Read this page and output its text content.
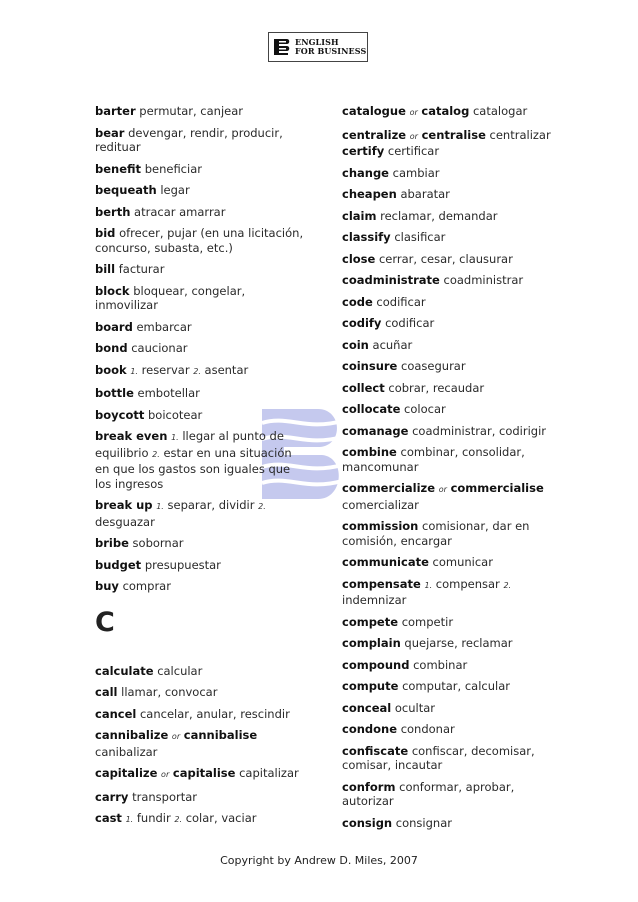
ENGLISH
FOR BUSINESS
barter permutar, canjear
bear devengar, rendir, producir, redituar
benefit beneficiar
bequeath legar
berth atracar amarrar
bid ofrecer, pujar (en una licitación, concurso, subasta, etc.)
bill facturar
block bloquear, congelar, inmovilizar
board embarcar
bond caucionar
book 1. reservar 2. asentar
bottle embotellar
boycott boicotear
break even 1. llegar al punto de equilibrio 2. estar en una situación en que los gastos son iguales que los ingresos
break up 1. separar, dividir 2. desguazar
bribe sobornar
budget presupuestar
buy comprar
C
calculate calcular
call llamar, convocar
cancel cancelar, anular, rescindir
cannibalize or cannibalise canibalizar
capitalize or capitalise capitalizar
carry transportar
cast 1. fundir 2. colar, vaciar
catalogue or catalog catalogar
centralize or centralise centralizar
certify certificar
change cambiar
cheapen abaratar
claim reclamar, demandar
classify clasificar
close cerrar, cesar, clausurar
coadministrate coadministrar
code codificar
codify codificar
coin acuñar
coinsure coasegurar
collect cobrar, recaudar
collocate colocar
comanage coadministrar, codirigir
combine combinar, consolidar, mancomunar
commercialize or commercialise comercializar
commission comisionar, dar en comisión, encargar
communicate comunicar
compensate 1. compensar 2. indemnizar
compete competir
complain quejarse, reclamar
compound combinar
compute computar, calcular
conceal ocultar
condone condonar
confiscate confiscar, decomisar, comisar, incautar
conform conformar, aprobar, autorizar
consign consignar
Copyright by Andrew D. Miles, 2007
